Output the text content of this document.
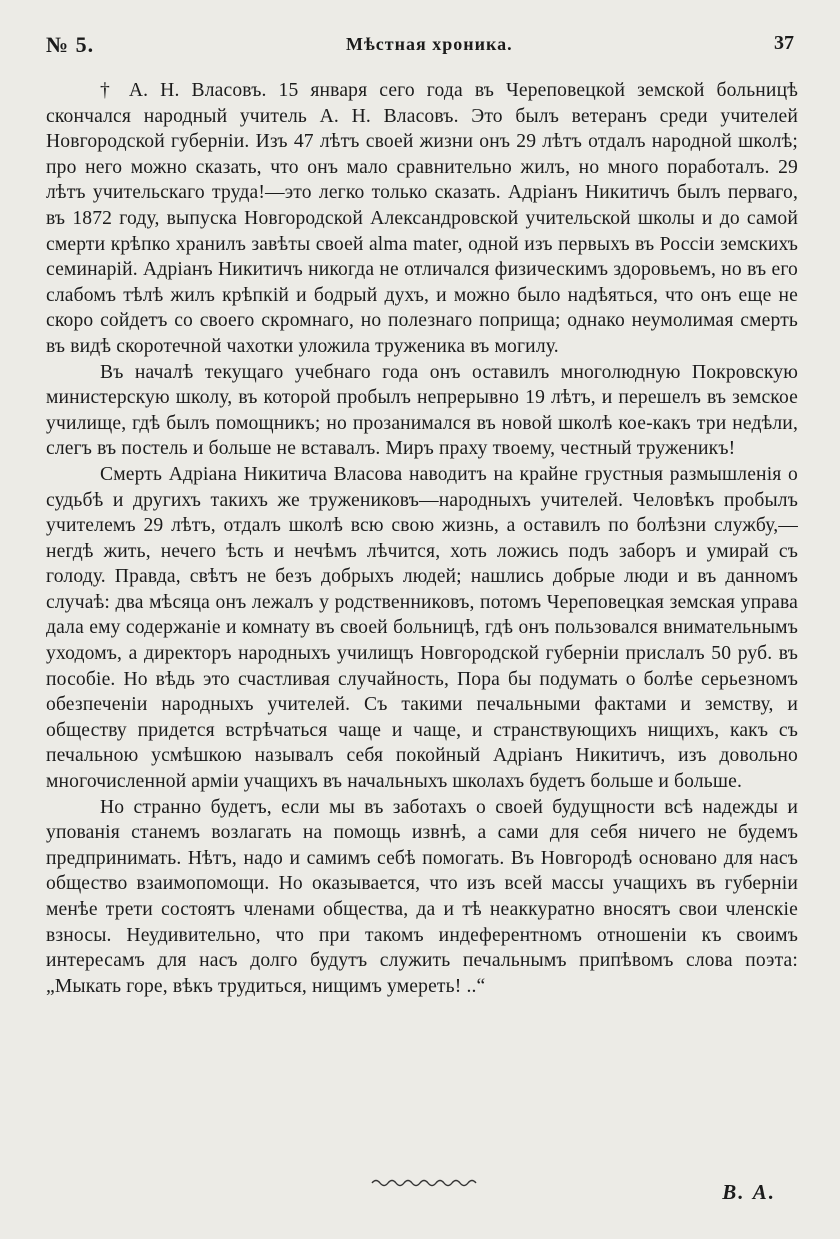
№ 5.	Мѣстная хроника.	37

† А. Н. Власовъ. 15 января сего года въ Череповецкой земской больницѣ скончался народный учитель А. Н. Власовъ. Это былъ ветеранъ среди учителей Новгородской губерніи. Изъ 47 лѣтъ своей жизни онъ 29 лѣтъ отдалъ народной школѣ; про него можно сказать, что онъ мало сравнительно жилъ, но много поработалъ. 29 лѣтъ учительскаго труда!—это легко только сказать. Адріанъ Никитичъ былъ перваго, въ 1872 году, выпуска Новгородской Александровской учительской школы и до самой смерти крѣпко хранилъ завѣты своей alma mater, одной изъ первыхъ въ Россіи земскихъ семинарій. Адріанъ Никитичъ никогда не отличался физическимъ здоровьемъ, но въ его слабомъ тѣлѣ жилъ крѣпкій и бодрый духъ, и можно было надѣяться, что онъ еще не скоро сойдетъ со своего скромнаго, но полезнаго поприща; однако неумолимая смерть въ видѣ скоротечной чахотки уложила труженика въ могилу.

Въ началѣ текущаго учебнаго года онъ оставилъ многолюдную Покровскую министерскую школу, въ которой пробылъ непрерывно 19 лѣтъ, и перешелъ въ земское училище, гдѣ былъ помощникъ; но прозанимался въ новой школѣ кое-какъ три недѣли, слегъ въ постель и больше не вставалъ. Миръ праху твоему, честный труженикъ!

Смерть Адріана Никитича Власова наводитъ на крайне грустныя размышленія о судьбѣ и другихъ такихъ же тружениковъ—народныхъ учителей. Человѣкъ пробылъ учителемъ 29 лѣтъ, отдалъ школѣ всю свою жизнь, а оставилъ по болѣзни службу,—негдѣ жить, нечего ѣсть и нечѣмъ лѣчится, хоть ложись подъ заборъ и умирай съ голоду. Правда, свѣтъ не безъ добрыхъ людей; нашлись добрые люди и въ данномъ случаѣ: два мѣсяца онъ лежалъ у родственниковъ, потомъ Череповецкая земская управа дала ему содержаніе и комнату въ своей больницѣ, гдѣ онъ пользовался внимательнымъ уходомъ, а директоръ народныхъ училищъ Новгородской губерніи прислалъ 50 руб. въ пособіе. Но вѣдь это счастливая случайность, Пора бы подумать о болѣе серьезномъ обезпеченіи народныхъ учителей. Съ такими печальными фактами и земству, и обществу придется встрѣчаться чаще и чаще, и странствующихъ нищихъ, какъ съ печальною усмѣшкою называлъ себя покойный Адріанъ Никитичъ, изъ довольно многочисленной арміи учащихъ въ начальныхъ школахъ будетъ больше и больше.

Но странно будетъ, если мы въ заботахъ о своей будущности всѣ надежды и упованія станемъ возлагать на помощь извнѣ, а сами для себя ничего не будемъ предпринимать. Нѣтъ, надо и самимъ себѣ помогать. Въ Новгородѣ основано для насъ общество взаимопомощи. Но оказывается, что изъ всей массы учащихъ въ губерніи менѣе трети состоятъ членами общества, да и тѣ неаккуратно вносятъ свои членскіе взносы. Неудивительно, что при такомъ индеферентномъ отношеніи къ своимъ интересамъ для насъ долго будутъ служить печальнымъ припѣвомъ слова поэта: „Мыкать горе, вѣкъ трудиться, нищимъ умереть! ..“

В. А.
